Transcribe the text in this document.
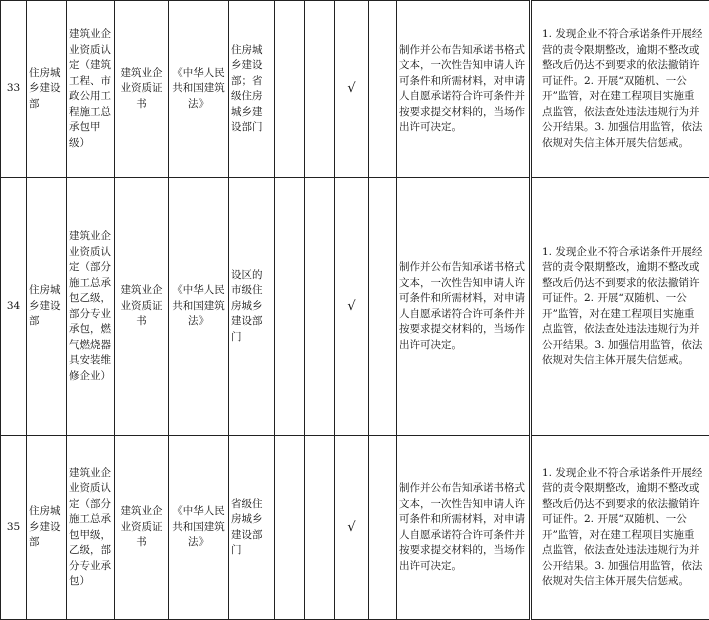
33	住房城乡建设部	建筑业企业资质认定（建筑工程、市政公用工程施工总承包甲级）	建筑业企业资质证书	《中华人民共和国建筑法》	住房城乡建设部；省级住房城乡建设部门			√		制作并公布告知承诺书格式文本，一次性告知申请人许可条件和所需材料，对申请人自愿承诺符合许可条件并按要求提交材料的，当场作出许可决定。	1. 发现企业不符合承诺条件开展经营的责令限期整改，逾期不整改或整改后仍达不到要求的依法撤销许可证件。2. 开展“双随机、一公开”监管，对在建工程项目实施重点监管，依法查处违法违规行为并公开结果。3. 加强信用监管，依法依规对失信主体开展失信惩戒。
34	住房城乡建设部	建筑业企业资质认定（部分施工总承包乙级，部分专业承包，燃气燃烧器具安装维修企业）	建筑业企业资质证书	《中华人民共和国建筑法》	设区的市级住房城乡建设部门			√		制作并公布告知承诺书格式文本，一次性告知申请人许可条件和所需材料，对申请人自愿承诺符合许可条件并按要求提交材料的，当场作出许可决定。	1. 发现企业不符合承诺条件开展经营的责令限期整改，逾期不整改或整改后仍达不到要求的依法撤销许可证件。2. 开展“双随机、一公开”监管，对在建工程项目实施重点监管，依法查处违法违规行为并公开结果。3. 加强信用监管，依法依规对失信主体开展失信惩戒。
35	住房城乡建设部	建筑业企业资质认定（部分施工总承包甲级，乙级，部分专业承包）	建筑业企业资质证书	《中华人民共和国建筑法》	省级住房城乡建设部门			√		制作并公布告知承诺书格式文本，一次性告知申请人许可条件和所需材料，对申请人自愿承诺符合许可条件并按要求提交材料的，当场作出许可决定。	1. 发现企业不符合承诺条件开展经营的责令限期整改，逾期不整改或整改后仍达不到要求的依法撤销许可证件。2. 开展“双随机、一公开”监管，对在建工程项目实施重点监管，依法查处违法违规行为并公开结果。3. 加强信用监管，依法依规对失信主体开展失信惩戒。
